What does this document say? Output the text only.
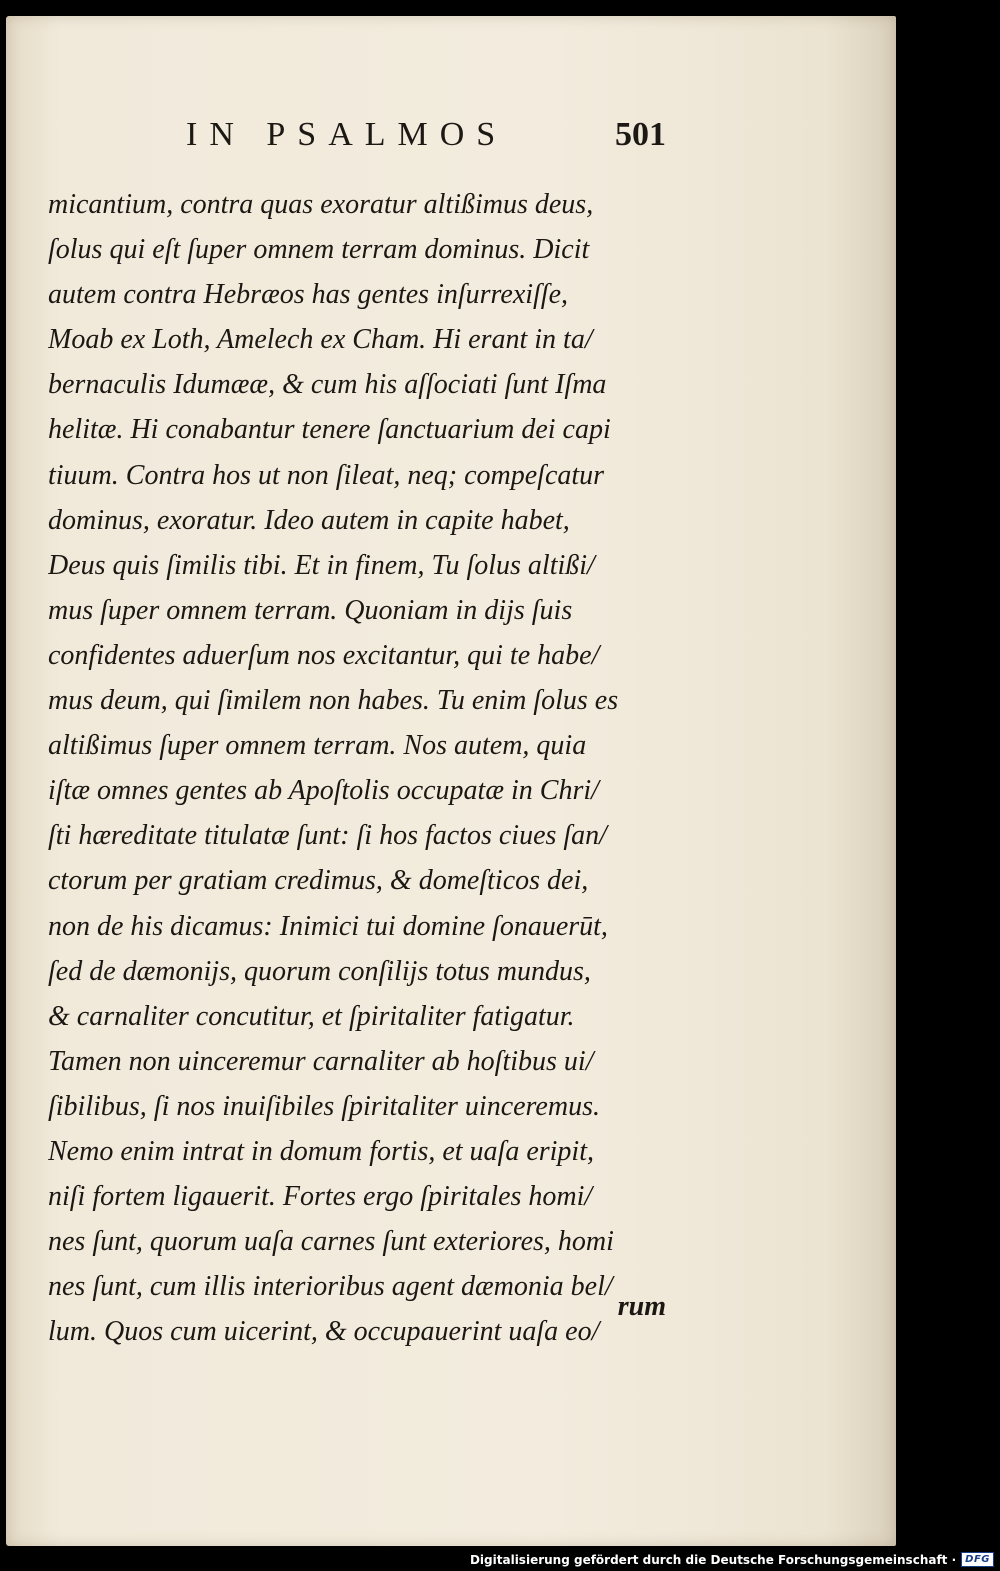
IN PSALMOS	501
micantium, contra quas exoratur altißimus deus,
ſolus qui eſt ſuper omnem terram dominus. Dicit
autem contra Hebræos has gentes inſurrexiſſe,
Moab ex Loth, Amelech ex Cham. Hi erant in ta/
bernaculis Idumææ, & cum his aſſociati ſunt Iſma
helitæ. Hi conabantur tenere ſanctuarium dei capi
tiuum. Contra hos ut non ſileat, neq; compeſcatur
dominus, exoratur. Ideo autem in capite habet,
Deus quis ſimilis tibi. Et in finem, Tu ſolus altißi/
mus ſuper omnem terram. Quoniam in dijs ſuis
confidentes aduerſum nos excitantur, qui te habe/
mus deum, qui ſimilem non habes. Tu enim ſolus es
altißimus ſuper omnem terram. Nos autem, quia
iſtæ omnes gentes ab Apoſtolis occupatæ in Chri/
ſti hæreditate titulatæ ſunt: ſi hos factos ciues ſan/
ctorum per gratiam credimus, & domeſticos dei,
non de his dicamus: Inimici tui domine ſonauerūt,
ſed de dæmonijs, quorum conſilijs totus mundus,
& carnaliter concutitur, et ſpiritaliter fatigatur.
Tamen non uinceremur carnaliter ab hoſtibus ui/
ſibilibus, ſi nos inuiſibiles ſpiritaliter uinceremus.
Nemo enim intrat in domum fortis, et uaſa eripit,
niſi fortem ligauerit. Fortes ergo ſpiritales homi/
nes ſunt, quorum uaſa carnes ſunt exteriores, homi
nes ſunt, cum illis interioribus agent dæmonia bel/
lum. Quos cum uicerint, & occupauerint uaſa eo/
rum
Digitalisierung gefördert durch die Deutsche Forschungsgemeinschaft · DFG
